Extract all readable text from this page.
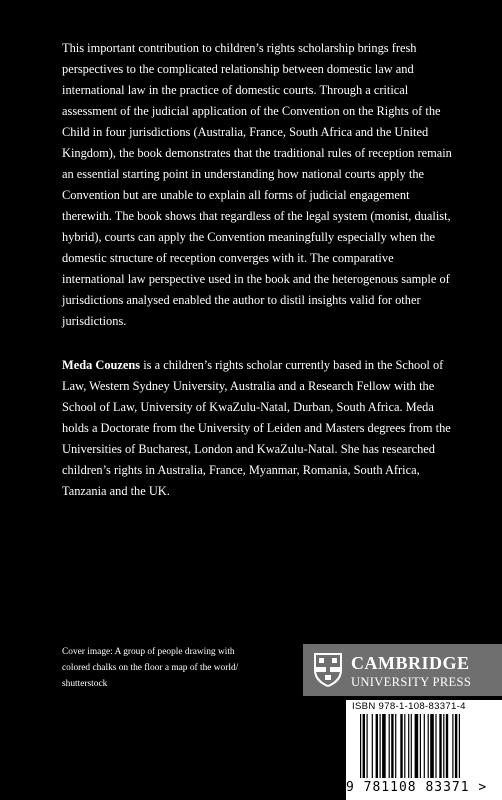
This important contribution to children’s rights scholarship brings fresh perspectives to the complicated relationship between domestic law and international law in the practice of domestic courts. Through a critical assessment of the judicial application of the Convention on the Rights of the Child in four jurisdictions (Australia, France, South Africa and the United Kingdom), the book demonstrates that the traditional rules of reception remain an essential starting point in understanding how national courts apply the Convention but are unable to explain all forms of judicial engagement therewith. The book shows that regardless of the legal system (monist, dualist, hybrid), courts can apply the Convention meaningfully especially when the domestic structure of reception converges with it. The comparative international law perspective used in the book and the heterogenous sample of jurisdictions analysed enabled the author to distil insights valid for other jurisdictions.

Meda Couzens is a children’s rights scholar currently based in the School of Law, Western Sydney University, Australia and a Research Fellow with the School of Law, University of KwaZulu-Natal, Durban, South Africa. Meda holds a Doctorate from the University of Leiden and Masters degrees from the Universities of Bucharest, London and KwaZulu-Natal. She has researched children’s rights in Australia, France, Myanmar, Romania, South Africa, Tanzania and the UK.

Cover image: A group of people drawing with colored chalks on the floor a map of the world/ shutterstock

CAMBRIDGE
UNIVERSITY PRESS
ISBN 978-1-108-83371-4
9 781108 83371 >
